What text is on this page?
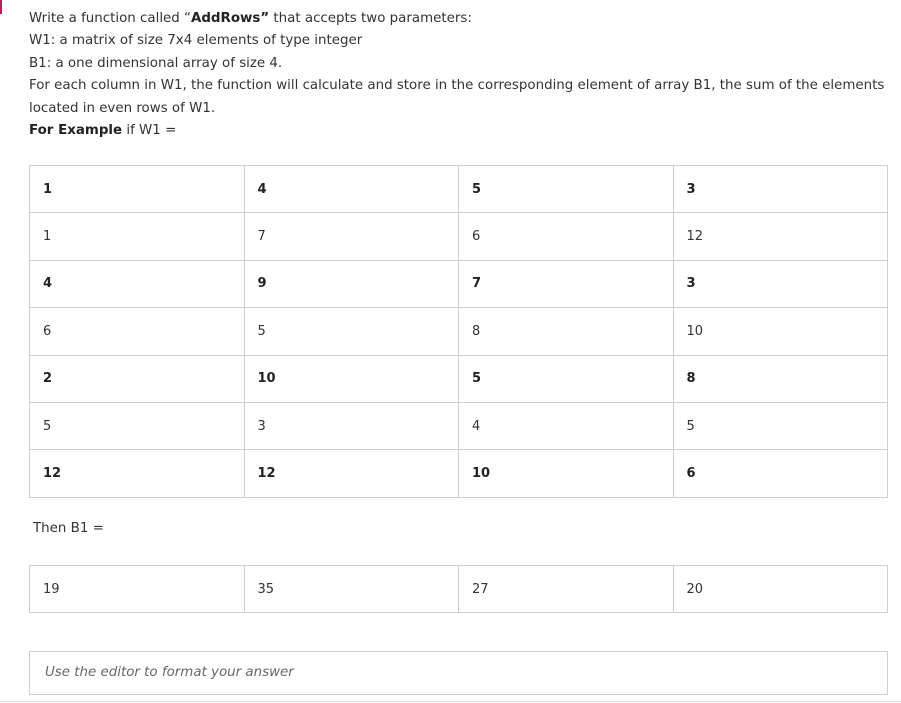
Write a function called “AddRows” that accepts two parameters:

W1: a matrix of size 7x4 elements of type integer

B1: a one dimensional array of size 4.

For each column in W1, the function will calculate and store in the corresponding element of array B1, the sum of the elements located in even rows of W1.

For Example if W1 =

1	4	5	3
1	7	6	12
4	9	7	3
6	5	8	10
2	10	5	8
5	3	4	5
12	12	10	6
Then B1 =
19	35	27	20
Use the editor to format your answer
